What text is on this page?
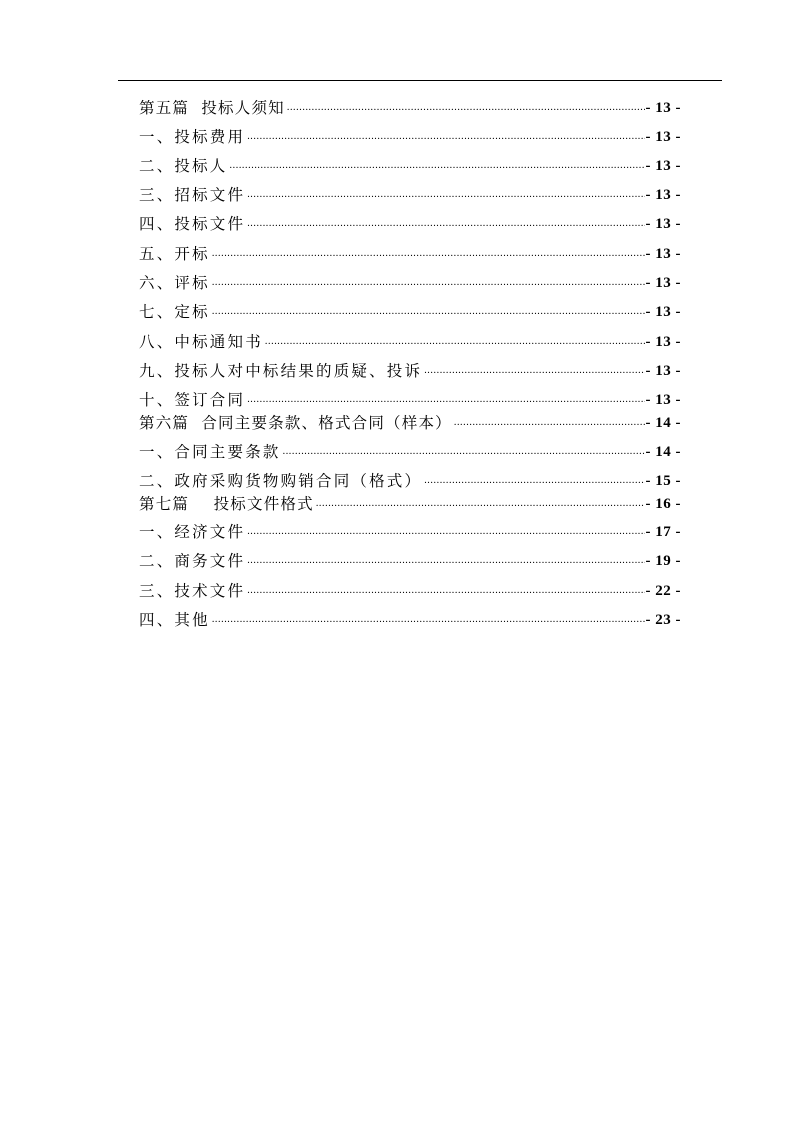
第五篇  投标人须知 .....	- 13 -
一、投标费用 .....	- 13 -
二、投标人 .....	- 13 -
三、招标文件 .....	- 13 -
四、投标文件 .....	- 13 -
五、开标 .....	- 13 -
六、评标 .....	- 13 -
七、定标 .....	- 13 -
八、中标通知书 .....	- 13 -
九、投标人对中标结果的质疑、投诉 .....	- 13 -
十、签订合同 .....	- 13 -
第六篇  合同主要条款、格式合同（样本） .....	- 14 -
一、合同主要条款 .....	- 14 -
二、政府采购货物购销合同（格式） .....	- 15 -
第七篇    投标文件格式 .....	- 16 -
一、经济文件 .....	- 17 -
二、商务文件 .....	- 19 -
三、技术文件 .....	- 22 -
四、其他 .....	- 23 -
